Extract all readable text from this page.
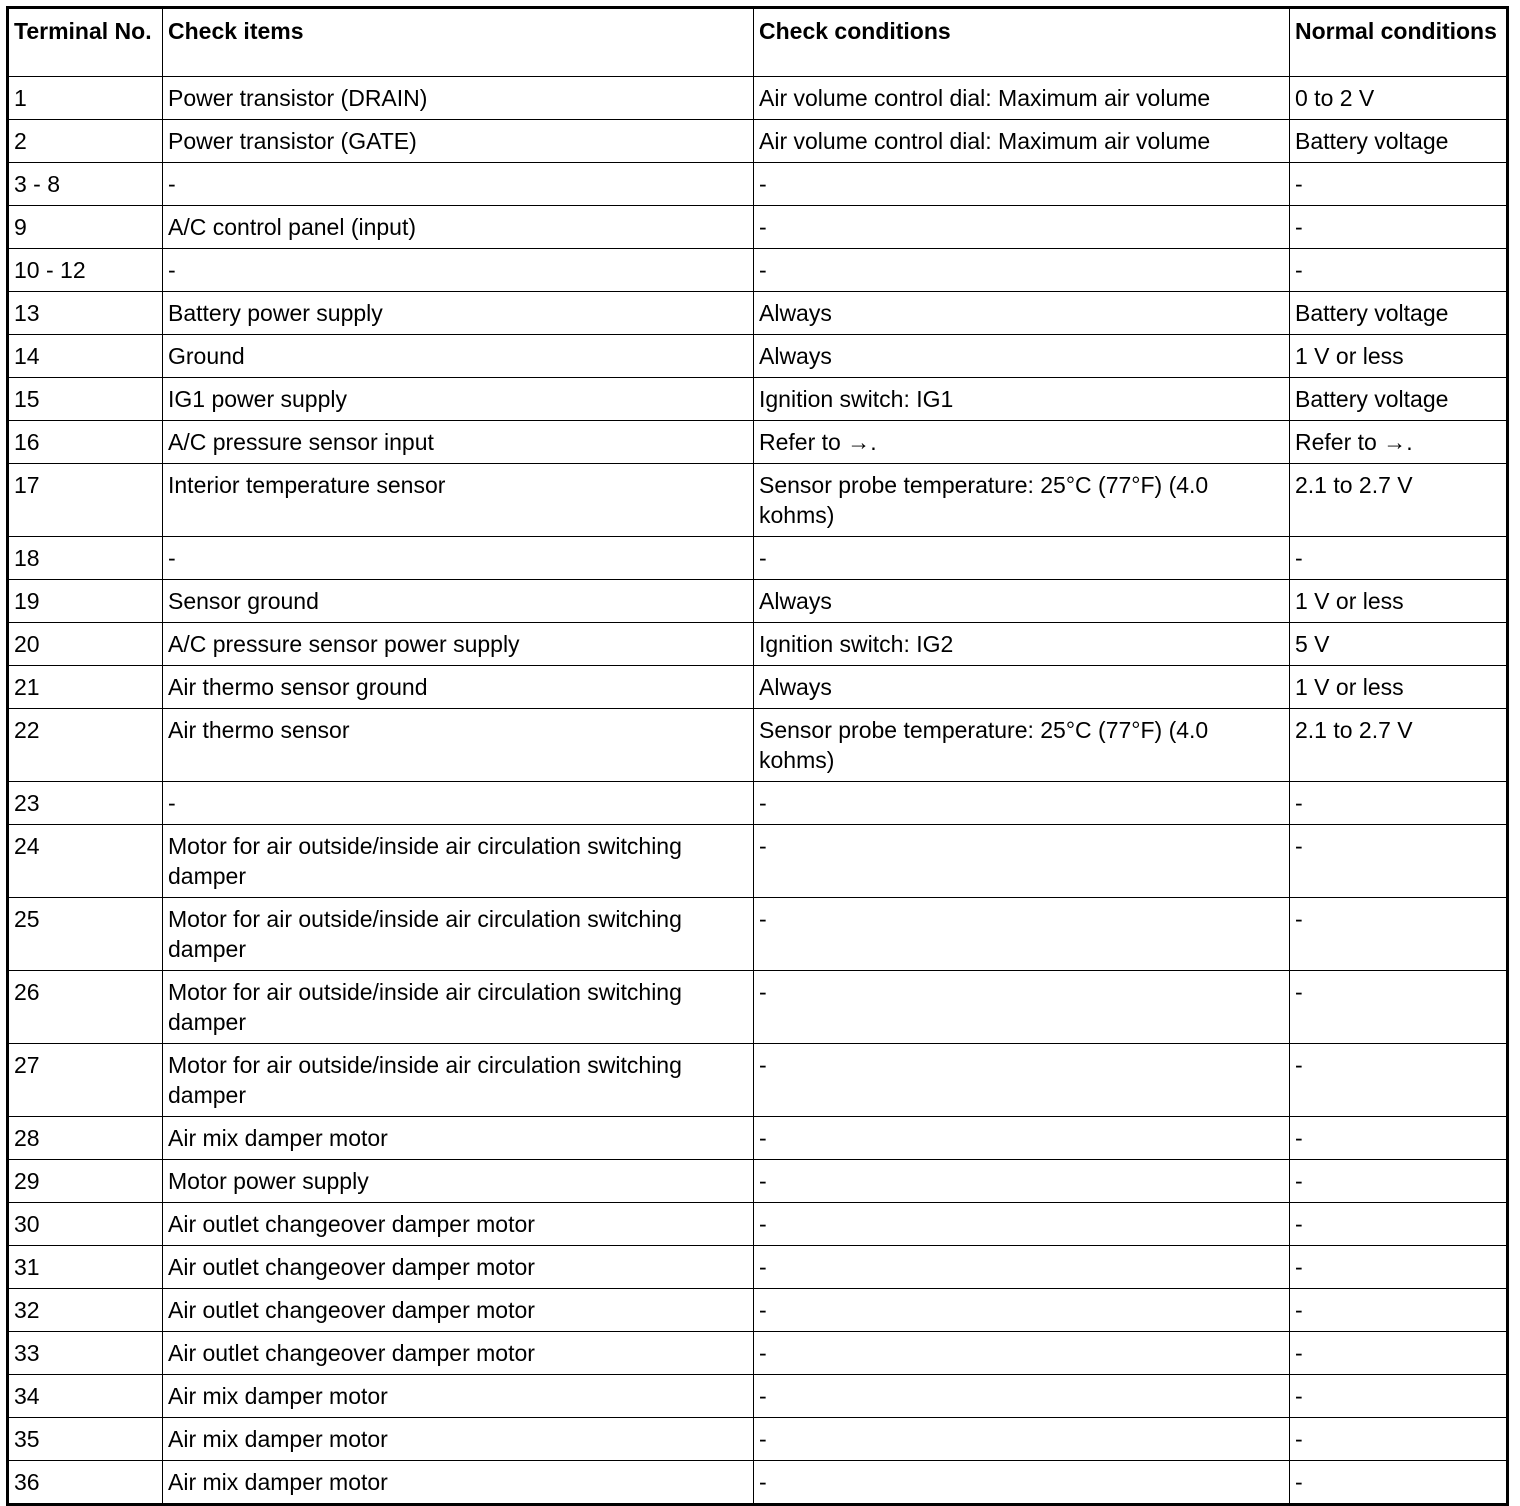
Terminal No.	Check items	Check conditions	Normal conditions
1	Power transistor (DRAIN)	Air volume control dial: Maximum air volume	0 to 2 V
2	Power transistor (GATE)	Air volume control dial: Maximum air volume	Battery voltage
3 - 8	-	-	-
9	A/C control panel (input)	-	-
10 - 12	-	-	-
13	Battery power supply	Always	Battery voltage
14	Ground	Always	1 V or less
15	IG1 power supply	Ignition switch: IG1	Battery voltage
16	A/C pressure sensor input	Refer to →.	Refer to →.
17	Interior temperature sensor	Sensor probe temperature: 25°C (77°F) (4.0 kohms)	2.1 to 2.7 V
18	-	-	-
19	Sensor ground	Always	1 V or less
20	A/C pressure sensor power supply	Ignition switch: IG2	5 V
21	Air thermo sensor ground	Always	1 V or less
22	Air thermo sensor	Sensor probe temperature: 25°C (77°F) (4.0 kohms)	2.1 to 2.7 V
23	-	-	-
24	Motor for air outside/inside air circulation switching damper	-	-
25	Motor for air outside/inside air circulation switching damper	-	-
26	Motor for air outside/inside air circulation switching damper	-	-
27	Motor for air outside/inside air circulation switching damper	-	-
28	Air mix damper motor	-	-
29	Motor power supply	-	-
30	Air outlet changeover damper motor	-	-
31	Air outlet changeover damper motor	-	-
32	Air outlet changeover damper motor	-	-
33	Air outlet changeover damper motor	-	-
34	Air mix damper motor	-	-
35	Air mix damper motor	-	-
36	Air mix damper motor	-	-
